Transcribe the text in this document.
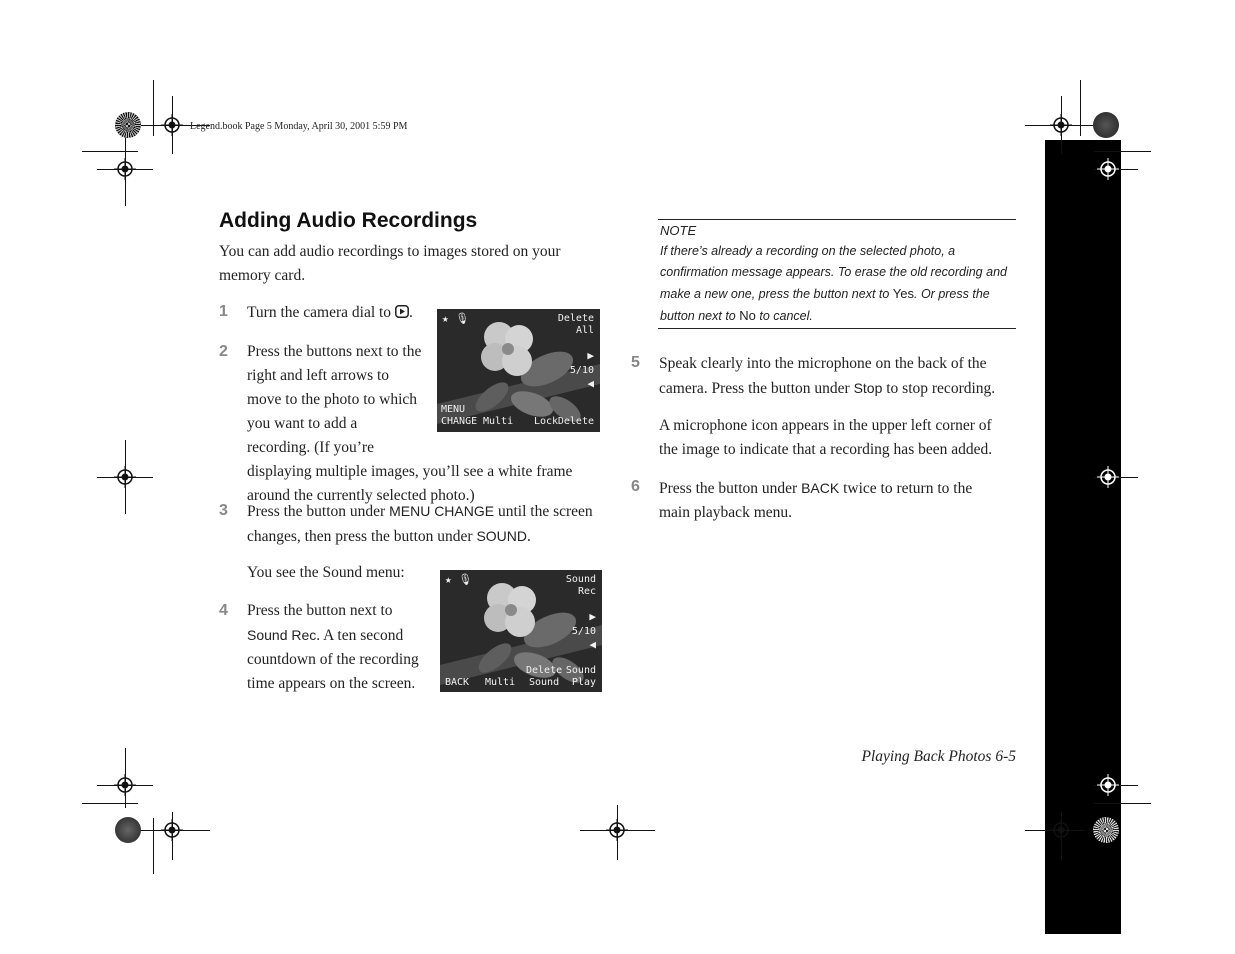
Legend.book Page 5 Monday, April 30, 2001 5:59 PM
Adding Audio Recordings
You can add audio recordings to images stored on your memory card.
1 Turn the camera dial to .
2 Press the buttons next to the right and left arrows to move to the photo to which you want to add a recording. (If you’re displaying multiple images, you’ll see a white frame around the currently selected photo.)
3 Press the button under MENU CHANGE until the screen changes, then press the button under SOUND.
You see the Sound menu:
4 Press the button next to
Sound Rec. A ten second countdown of the recording time appears on the screen.
★ 🎙	Delete
All
▶
5/10
◀
MENU
CHANGE Multi Lock Delete
★ 🎙	Sound
Rec
▶
5/10
◀
BACK Multi
Delete
Sound
Sound
Play
NOTE
If there’s already a recording on the selected photo, a confirmation message appears. To erase the old recording and make a new one, press the button next to Yes. Or press the button next to No to cancel.
5 Speak clearly into the microphone on the back of the camera. Press the button under Stop to stop recording.
A microphone icon appears in the upper left corner of the image to indicate that a recording has been added.
6 Press the button under BACK twice to return to the main playback menu.
Playing Back Photos 6-5
